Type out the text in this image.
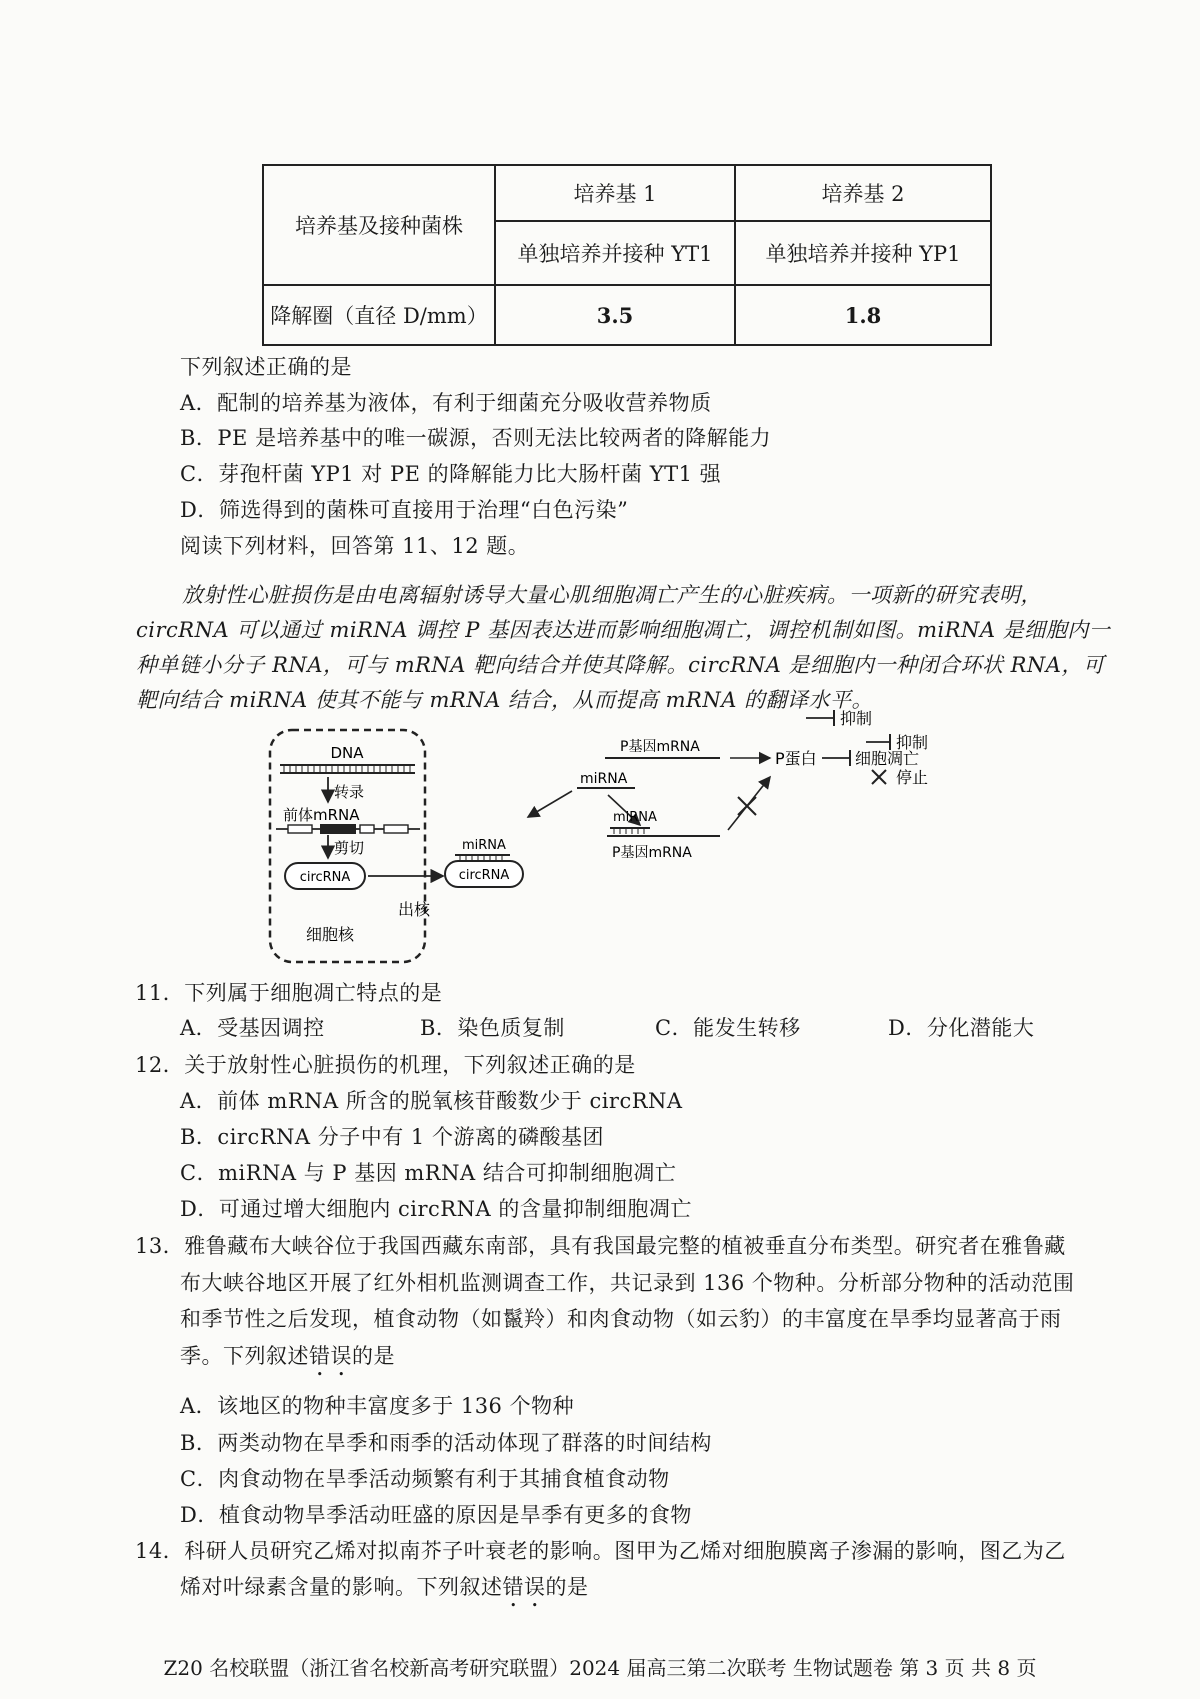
培养基及接种菌株	培养基 1	培养基 2
	单独培养并接种 YT1	单独培养并接种 YP1
降解圈（直径 D/mm）	3.5	1.8
下列叙述正确的是
A．配制的培养基为液体，有利于细菌充分吸收营养物质
B．PE 是培养基中的唯一碳源，否则无法比较两者的降解能力
C．芽孢杆菌 YP1 对 PE 的降解能力比大肠杆菌 YT1 强
D．筛选得到的菌株可直接用于治理“白色污染”
阅读下列材料，回答第 11、12 题。
放射性心脏损伤是由电离辐射诱导大量心肌细胞凋亡产生的心脏疾病。一项新的研究表明，
circRNA 可以通过 miRNA 调控 P 基因表达进而影响细胞凋亡，调控机制如图。miRNA 是细胞内一
种单链小分子 RNA，可与 mRNA 靶向结合并使其降解。circRNA 是细胞内一种闭合环状 RNA，可
靶向结合 miRNA 使其不能与 mRNA 结合，从而提高 mRNA 的翻译水平。
DNA
转录
前体mRNA
剪切
circRNA
细胞核
出核
miRNA
circRNA
miRNA
P基因mRNA
P蛋白 细胞凋亡
miRNA
P基因mRNA
抑制
抑制
停止
11．下列属于细胞凋亡特点的是
A．受基因调控	B．染色质复制	C．能发生转移	D．分化潜能大
12．关于放射性心脏损伤的机理，下列叙述正确的是
A．前体 mRNA 所含的脱氧核苷酸数少于 circRNA
B．circRNA 分子中有 1 个游离的磷酸基团
C．miRNA 与 P 基因 mRNA 结合可抑制细胞凋亡
D．可通过增大细胞内 circRNA 的含量抑制细胞凋亡
13．雅鲁藏布大峡谷位于我国西藏东南部，具有我国最完整的植被垂直分布类型。研究者在雅鲁藏
布大峡谷地区开展了红外相机监测调查工作，共记录到 136 个物种。分析部分物种的活动范围
和季节性之后发现，植食动物（如鬣羚）和肉食动物（如云豹）的丰富度在旱季均显著高于雨
季。下列叙述错误的是
A．该地区的物种丰富度多于 136 个物种
B．两类动物在旱季和雨季的活动体现了群落的时间结构
C．肉食动物在旱季活动频繁有利于其捕食植食动物
D．植食动物旱季活动旺盛的原因是旱季有更多的食物
14．科研人员研究乙烯对拟南芥子叶衰老的影响。图甲为乙烯对细胞膜离子渗漏的影响，图乙为乙
烯对叶绿素含量的影响。下列叙述错误的是
Z20 名校联盟（浙江省名校新高考研究联盟）2024 届高三第二次联考 生物试题卷 第 3 页 共 8 页
